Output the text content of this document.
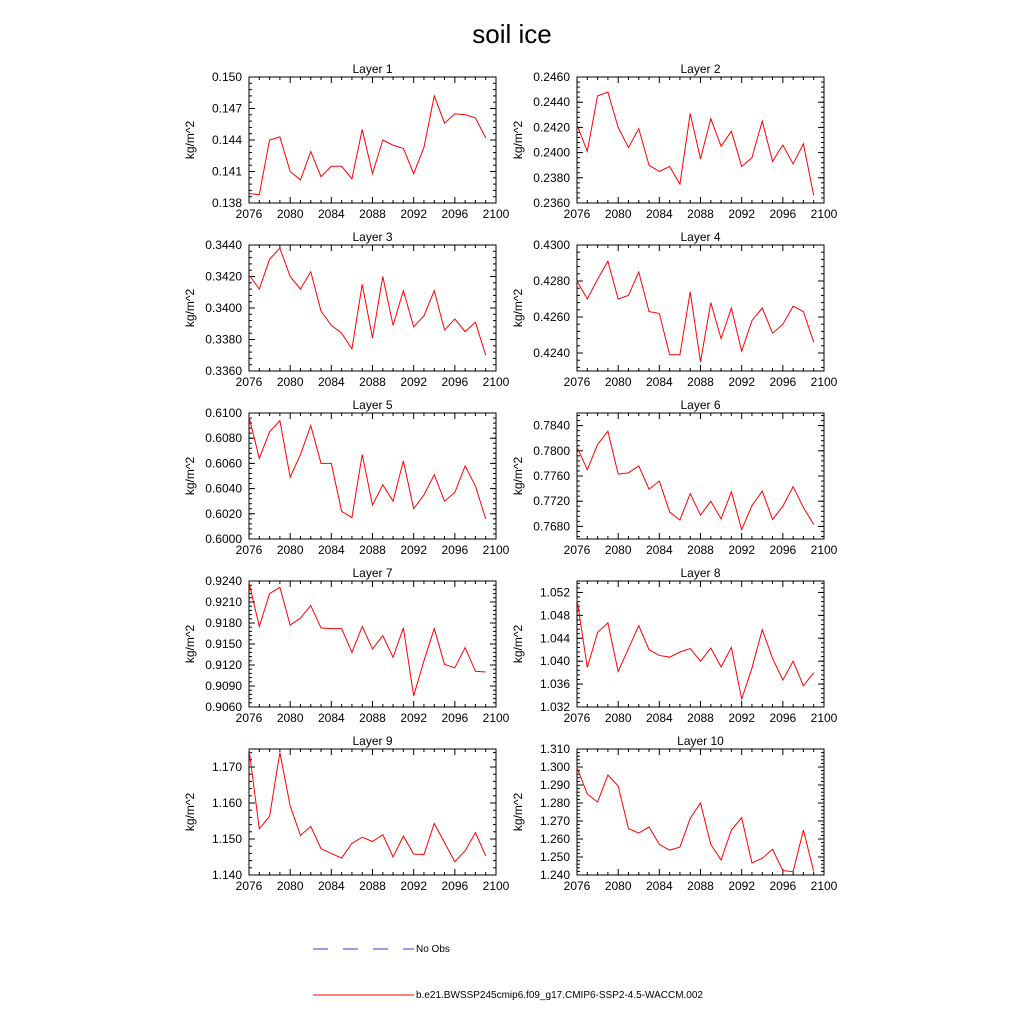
soil ice
Layer 1
2076 2080 2084 2088 2092 2096 2100
0.138
0.141
0.144
0.147
0.150
kg/m^2
Layer 2
2076 2080 2084 2088 2092 2096 2100
0.2360
0.2380
0.2400
0.2420
0.2440
0.2460
kg/m^2
Layer 3
2076 2080 2084 2088 2092 2096 2100
0.3360
0.3380
0.3400
0.3420
0.3440
kg/m^2
Layer 4
2076 2080 2084 2088 2092 2096 2100
0.4240
0.4260
0.4280
0.4300
kg/m^2
Layer 5
2076 2080 2084 2088 2092 2096 2100
0.6000
0.6020
0.6040
0.6060
0.6080
0.6100
kg/m^2
Layer 6
2076 2080 2084 2088 2092 2096 2100
0.7680
0.7720
0.7760
0.7800
0.7840
kg/m^2
Layer 7
2076 2080 2084 2088 2092 2096 2100
0.9060
0.9090
0.9120
0.9150
0.9180
0.9210
0.9240
kg/m^2
Layer 8
2076 2080 2084 2088 2092 2096 2100
1.032
1.036
1.040
1.044
1.048
1.052
kg/m^2
Layer 9
2076 2080 2084 2088 2092 2096 2100
1.140
1.150
1.160
1.170
kg/m^2
Layer 10
2076 2080 2084 2088 2092 2096 2100
1.240
1.250
1.260
1.270
1.280
1.290
1.300
1.310
kg/m^2
No Obs
b.e21.BWSSP245cmip6.f09_g17.CMIP6-SSP2-4.5-WACCM.002
